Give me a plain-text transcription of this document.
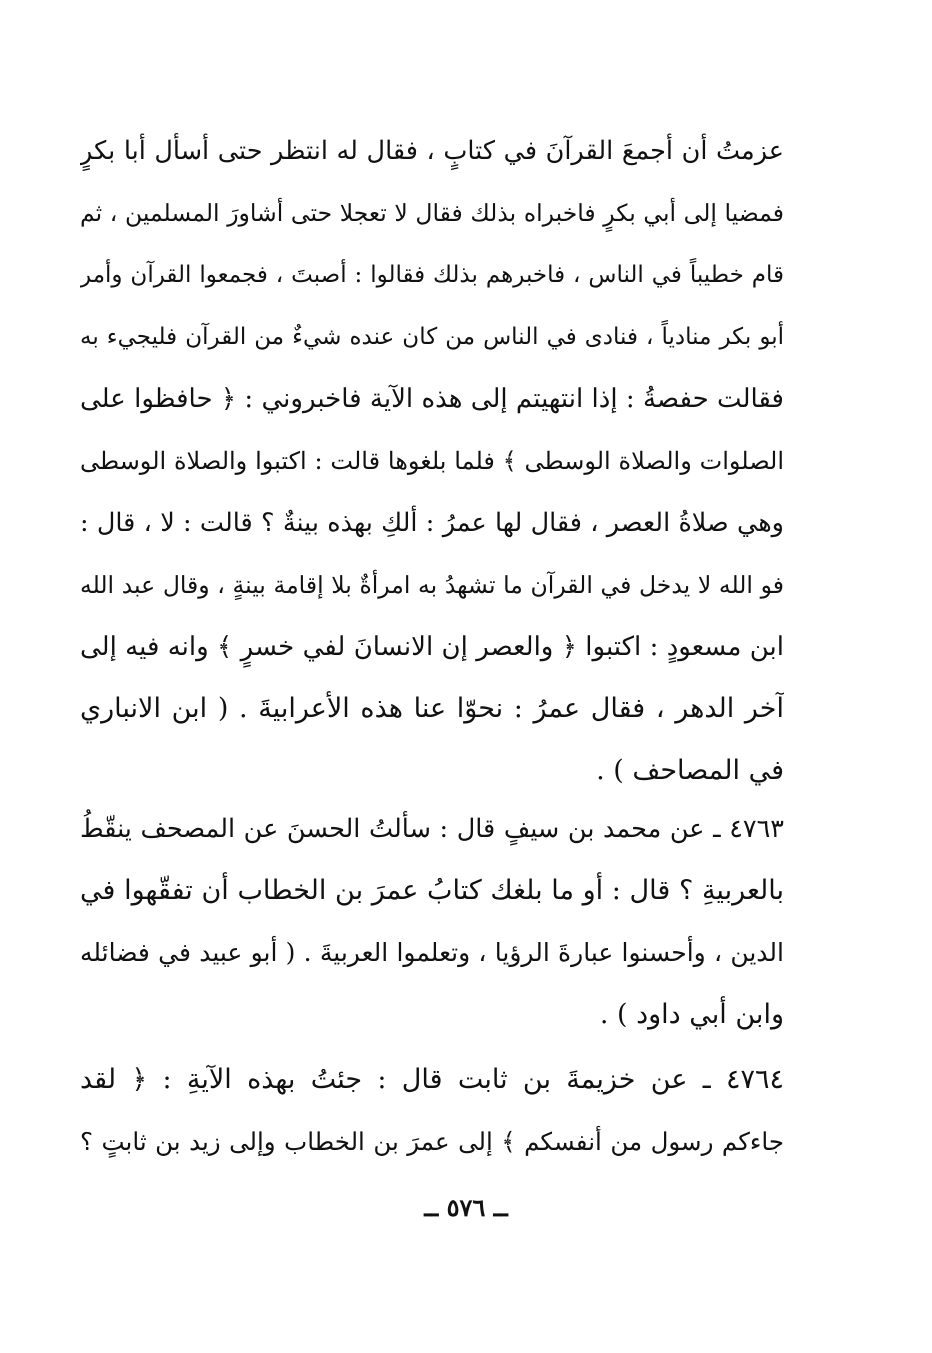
عزمتُ أن أجمعَ القرآنَ في كتابٍ ، فقال له انتظر حتى أسأل أبا بكرٍ
فمضيا إلى أبي بكرٍ فاخبراه بذلك فقال لا تعجلا حتى أشاورَ المسلمين ، ثم
قام خطيباً في الناس ، فاخبرهم بذلك فقالوا : أصبتَ ، فجمعوا القرآن وأمر
أبو بكر منادياً ، فنادى في الناس من كان عنده شيءٌ من القرآن فليجيء به
فقالت حفصةُ : إذا انتهيتم إلى هذه الآية فاخبروني : ﴿ حافظوا على
الصلوات والصلاة الوسطى ﴾ فلما بلغوها قالت : اكتبوا والصلاة الوسطى
وهي صلاةُ العصر ، فقال لها عمرُ : ألكِ بهذه بينةٌ ؟ قالت : لا ، قال :
فو الله لا يدخل في القرآن ما تشهدُ به امرأةٌ بلا إقامة بينةٍ ، وقال عبد الله
ابن مسعودٍ : اكتبوا ﴿ والعصر إن الانسانَ لفي خسرٍ ﴾ وانه فيه إلى
آخر الدهر ، فقال عمرُ : نحوّا عنا هذه الأعرابيةَ . ( ابن الانباري
في المصاحف ) .
٤٧٦٣ ـ عن محمد بن سيفٍ قال : سألتُ الحسنَ عن المصحف ينقّطُ
بالعربيةِ ؟ قال : أو ما بلغك كتابُ عمرَ بن الخطاب أن تفقّهوا في
الدين ، وأحسنوا عبارةَ الرؤيا ، وتعلموا العربيةَ . ( أبو عبيد في فضائله
وابن أبي داود ) .
٤٧٦٤ ـ عن خزيمةَ بن ثابت قال : جئتُ بهذه الآيةِ : ﴿ لقد
جاءكم رسول من أنفسكم ﴾ إلى عمرَ بن الخطاب وإلى زيد بن ثابتٍ ؟
ــ ٥٧٦ ــ
